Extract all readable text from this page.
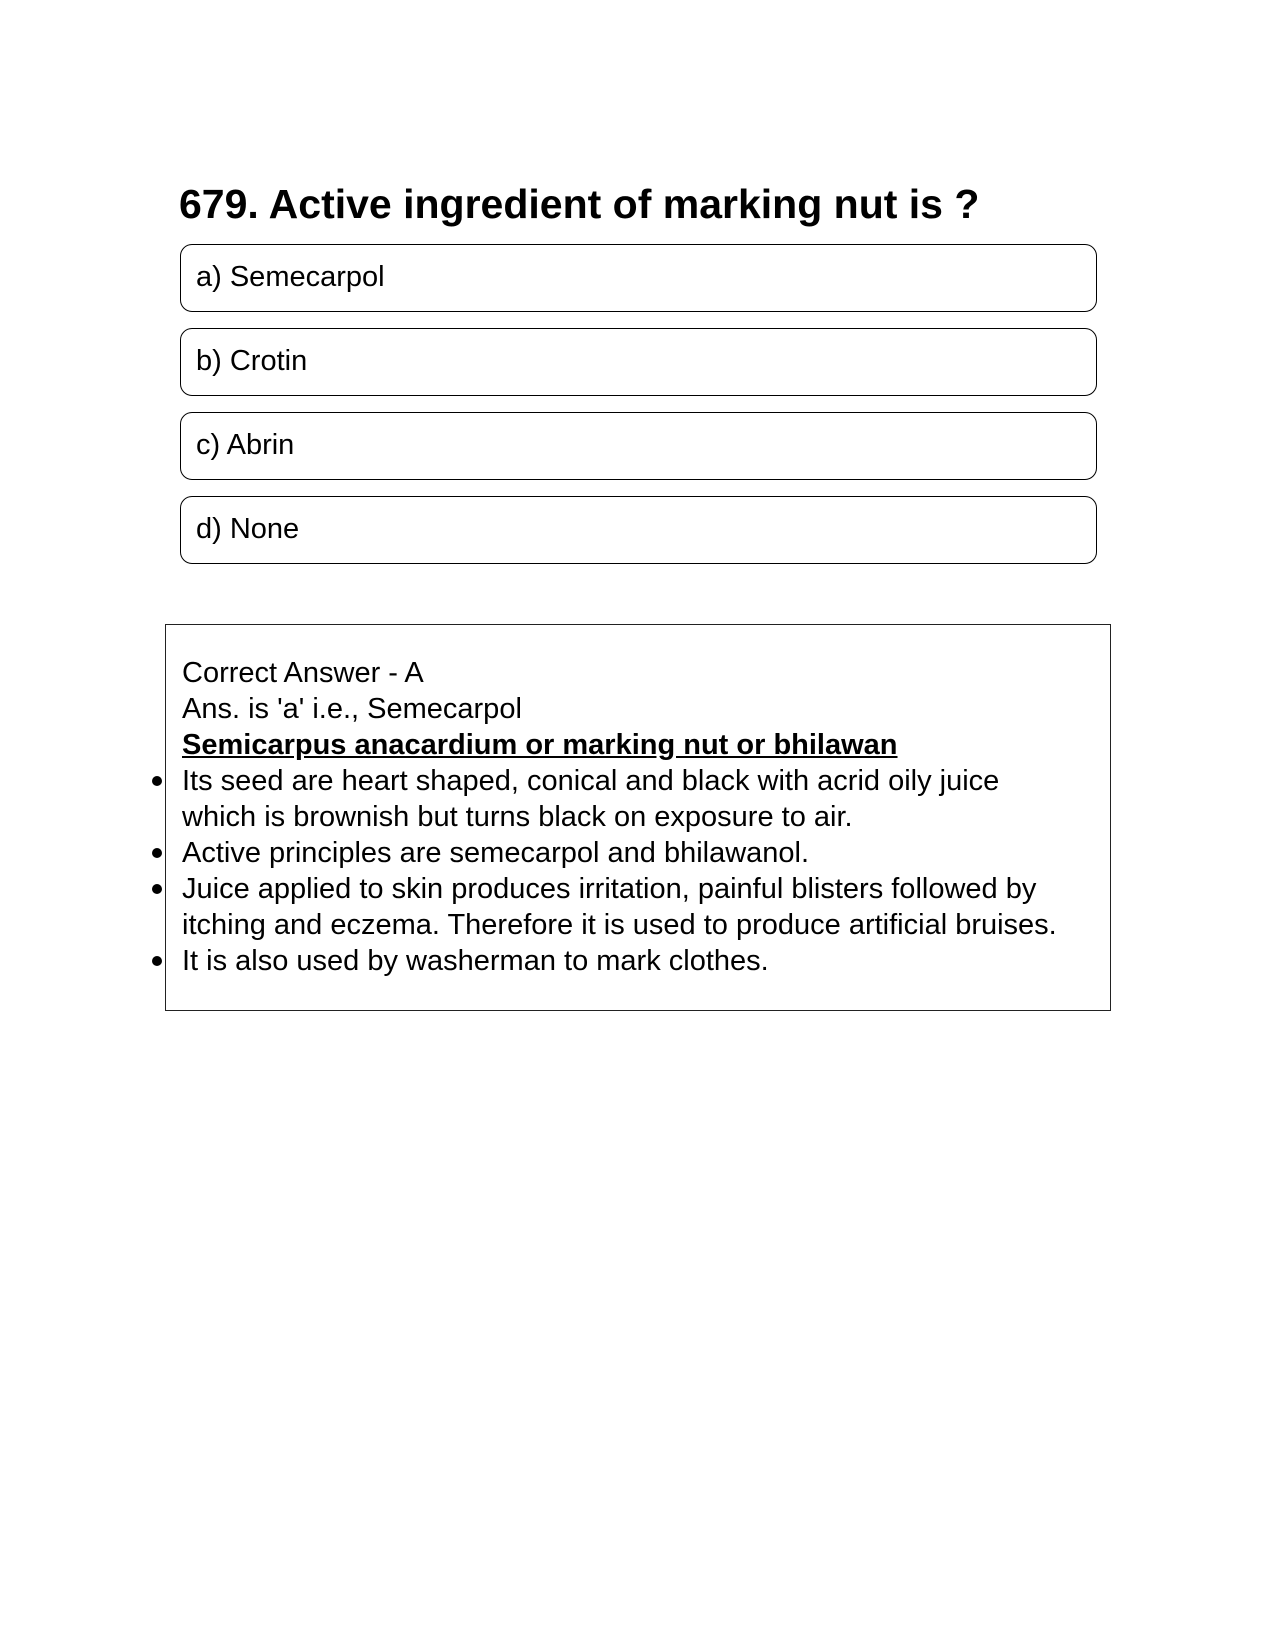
679. Active ingredient of marking nut is ?
a) Semecarpol
b) Crotin
c) Abrin
d) None
Correct Answer - A
Ans. is 'a' i.e., Semecarpol
Semicarpus anacardium or marking nut or bhilawan
Its seed are heart shaped, conical and black with acrid oily juice which is brownish but turns black on exposure to air.
Active principles are semecarpol and bhilawanol.
Juice applied to skin produces irritation, painful blisters followed by itching and eczema. Therefore it is used to produce artificial bruises.
It is also used by washerman to mark clothes.
